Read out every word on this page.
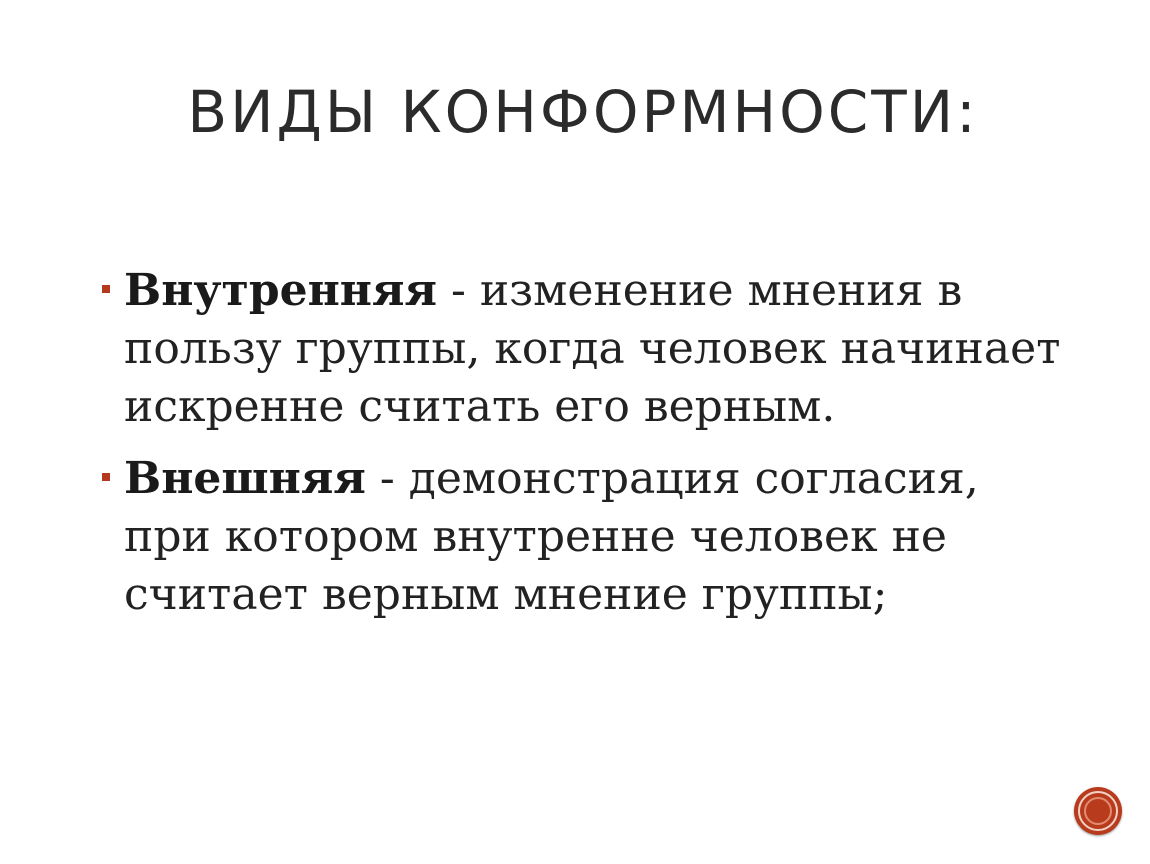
ВИДЫ КОНФОРМНОСТИ:
Внутренняя - изменение мнения в пользу группы, когда человек начинает искренне считать его верным.
Внешняя - демонстрация согласия, при котором внутренне человек не считает верным мнение группы;
